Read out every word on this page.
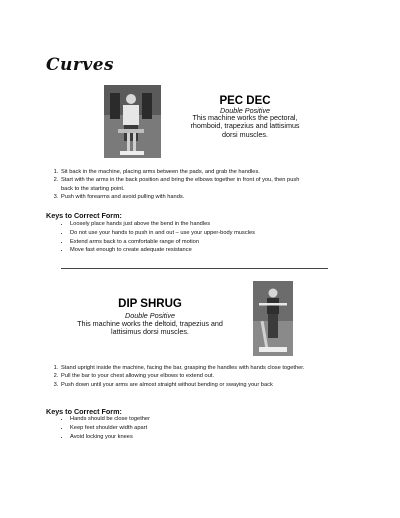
Curves
PEC DEC
Double Positive
This machine works the pectoral,
rhomboid, trapezius and lattisimus
dorsi muscles.
1. Sit back in the machine, placing arms between the pads, and grab the handles.
2. Start with the arms in the back position and bring the elbows together in front of you, then push
back to the starting point.
3. Push with forearms and avoid pulling with hands.
Keys to Correct Form:
• Loosely place hands just above the bend in the handles
• Do not use your hands to push in and out – use your upper-body muscles
• Extend arms back to a comfortable range of motion
• Move fast enough to create adequate resistance
DIP SHRUG
Double Positive
This machine works the deltoid, trapezius and
lattisimus dorsi muscles.
1. Stand upright inside the machine, facing the bar, grasping the handles with hands close together.
2. Pull the bar to your chest allowing your elbows to extend out.
3. Push down until your arms are almost straight without bending or swaying your back
Keys to Correct Form:
• Hands should be close together
• Keep feet shoulder width apart
• Avoid locking your knees
